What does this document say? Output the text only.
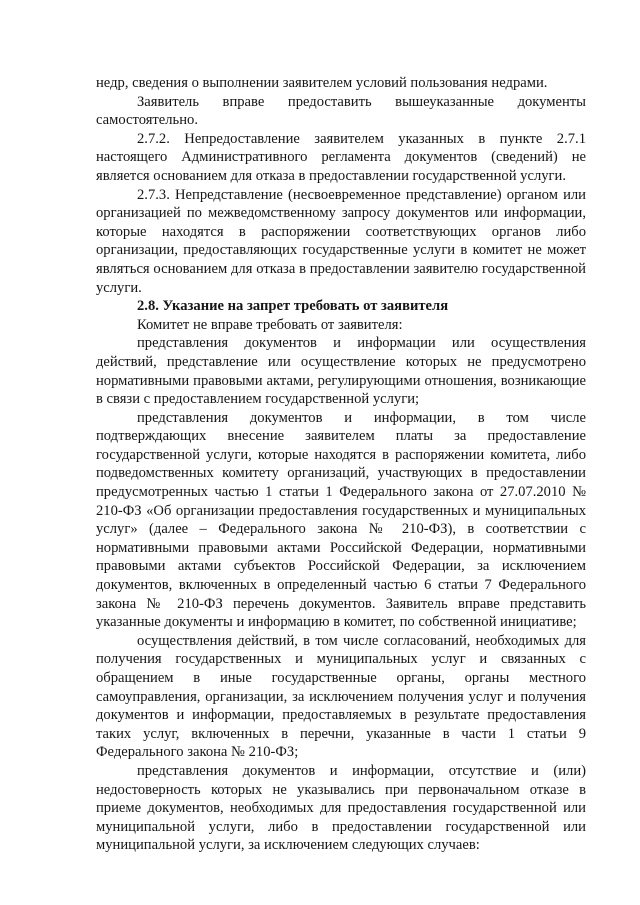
недр, сведения о выполнении заявителем условий пользования недрами.

Заявитель вправе предоставить вышеуказанные документы самостоятельно.

2.7.2. Непредоставление заявителем указанных в пункте 2.7.1 настоящего Административного регламента документов (сведений) не является основанием для отказа в предоставлении государственной услуги.

2.7.3. Непредставление (несвоевременное представление) органом или организацией по межведомственному запросу документов или информации, которые находятся в распоряжении соответствующих органов либо организации, предоставляющих государственные услуги в комитет не может являться основанием для отказа в предоставлении заявителю государственной услуги.

2.8. Указание на запрет требовать от заявителя

Комитет не вправе требовать от заявителя:

представления документов и информации или осуществления действий, представление или осуществление которых не предусмотрено нормативными правовыми актами, регулирующими отношения, возникающие в связи с предоставлением государственной услуги;

представления документов и информации, в том числе подтверждающих внесение заявителем платы за предоставление государственной услуги, которые находятся в распоряжении комитета, либо подведомственных комитету организаций, участвующих в предоставлении предусмотренных частью 1 статьи 1 Федерального закона от 27.07.2010 № 210-ФЗ «Об организации предоставления государственных и муниципальных услуг» (далее – Федерального закона № 210-ФЗ), в соответствии с нормативными правовыми актами Российской Федерации, нормативными правовыми актами субъектов Российской Федерации, за исключением документов, включенных в определенный частью 6 статьи 7 Федерального закона № 210-ФЗ перечень документов. Заявитель вправе представить указанные документы и информацию в комитет, по собственной инициативе;

осуществления действий, в том числе согласований, необходимых для получения государственных и муниципальных услуг и связанных с обращением в иные государственные органы, органы местного самоуправления, организации, за исключением получения услуг и получения документов и информации, предоставляемых в результате предоставления таких услуг, включенных в перечни, указанные в части 1 статьи 9 Федерального закона № 210-ФЗ;

представления документов и информации, отсутствие и (или) недостоверность которых не указывались при первоначальном отказе в приеме документов, необходимых для предоставления государственной или муниципальной услуги, либо в предоставлении государственной или муниципальной услуги, за исключением следующих случаев:
